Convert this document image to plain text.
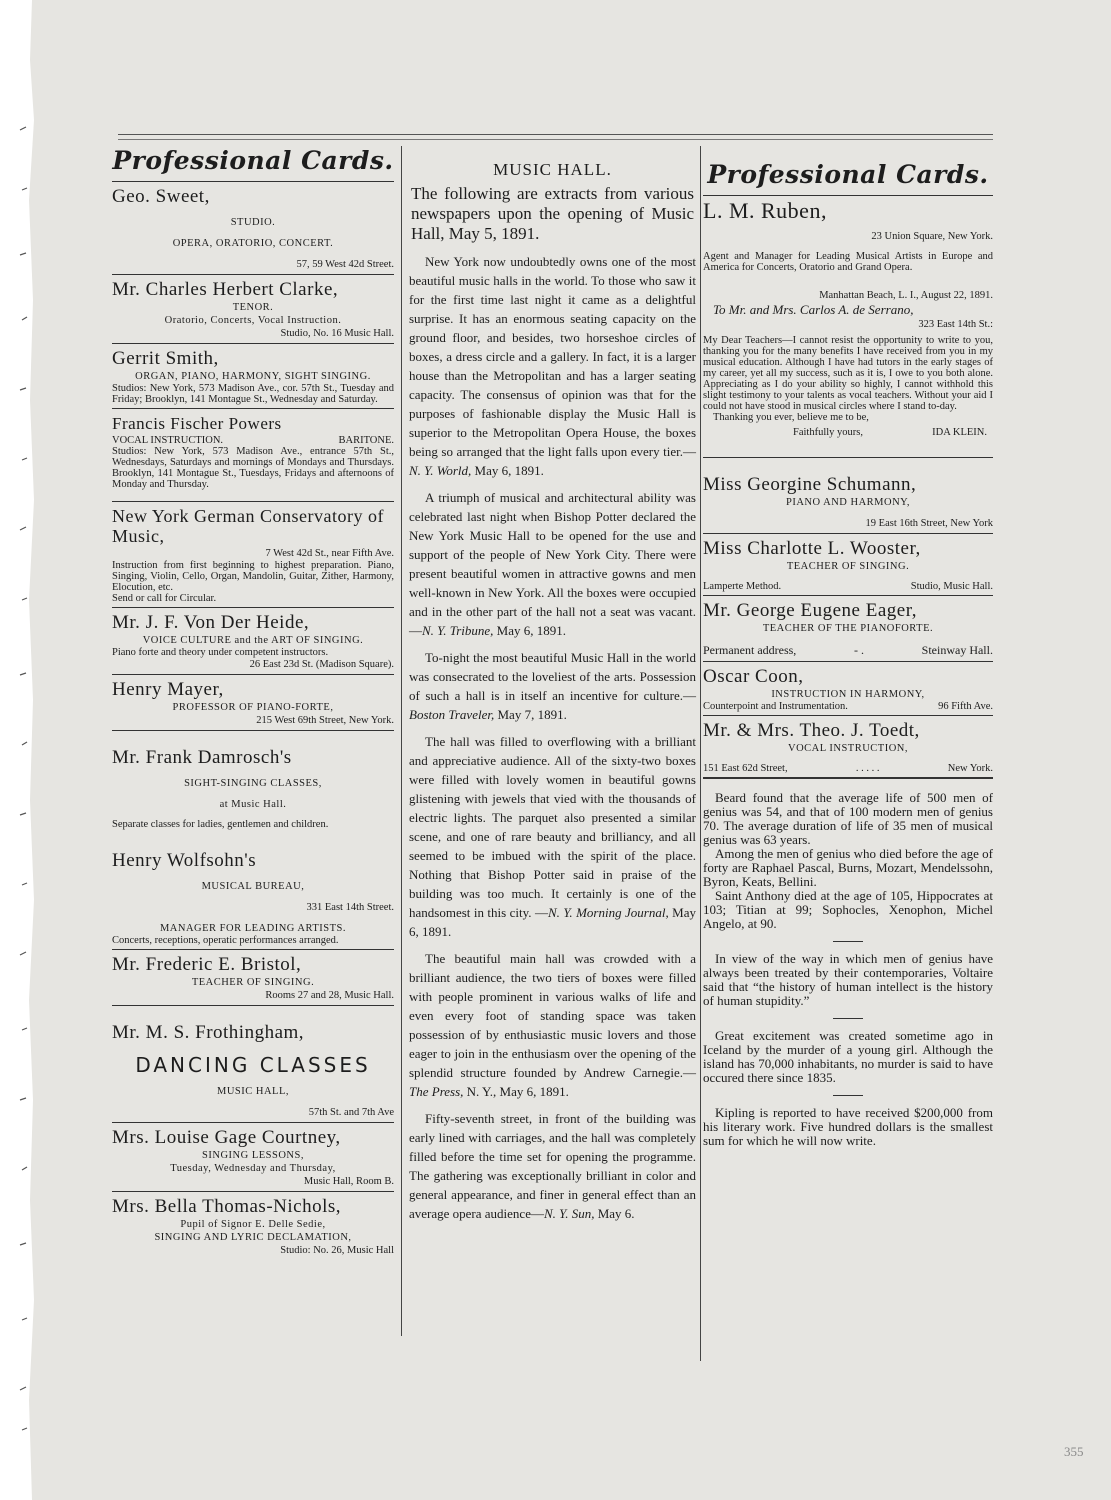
Professional Cards.
Geo. Sweet,
STUDIO.
OPERA, ORATORIO, CONCERT.
57, 59 West 42d Street.
Mr. Charles Herbert Clarke,
TENOR.
Oratorio, Concerts, Vocal Instruction.
Studio, No. 16 Music Hall.
Gerrit Smith,
ORGAN, PIANO, HARMONY, SIGHT SINGING.
Studios: New York, 573 Madison Ave., cor. 57th St., Tuesday and Friday; Brooklyn, 141 Montague St., Wednesday and Saturday.
Francis Fischer Powers
VOCAL INSTRUCTION.	BARITONE.
Studios: New York, 573 Madison Ave., entrance 57th St., Wednesdays, Saturdays and mornings of Mondays and Thursdays. Brooklyn, 141 Montague St., Tuesdays, Fridays and afternoons of Monday and Thursday.
New York German Conservatory of Music,
7 West 42d St., near Fifth Ave.
Instruction from first beginning to highest preparation. Piano, Singing, Violin, Cello, Organ, Mandolin, Guitar, Zither, Harmony, Elocution, etc.
Send or call for Circular.
Mr. J. F. Von Der Heide,
VOICE CULTURE and the ART OF SINGING.
Piano forte and theory under competent instructors.
26 East 23d St. (Madison Square).
Henry Mayer,
PROFESSOR OF PIANO-FORTE,
215 West 69th Street, New York.
Mr. Frank Damrosch's
SIGHT-SINGING CLASSES,
at Music Hall.
Separate classes for ladies, gentlemen and children.
Henry Wolfsohn's
MUSICAL BUREAU,
331 East 14th Street.
MANAGER FOR LEADING ARTISTS.
Concerts, receptions, operatic performances arranged.
Mr. Frederic E. Bristol,
TEACHER OF SINGING.
Rooms 27 and 28, Music Hall.
Mr. M. S. Frothingham,
DANCING CLASSES
MUSIC HALL,
57th St. and 7th Ave
Mrs. Louise Gage Courtney,
SINGING LESSONS,
Tuesday, Wednesday and Thursday,
Music Hall, Room B.
Mrs. Bella Thomas-Nichols,
Pupil of Signor E. Delle Sedie,
SINGING AND LYRIC DECLAMATION,
Studio: No. 26, Music Hall
MUSIC HALL.
The following are extracts from various newspapers upon the opening of Music Hall, May 5, 1891.

New York now undoubtedly owns one of the most beautiful music halls in the world. To those who saw it for the first time last night it came as a delightful surprise. It has an enormous seating capacity on the ground floor, and besides, two horseshoe circles of boxes, a dress circle and a gallery. In fact, it is a larger house than the Metropolitan and has a larger seating capacity. The consensus of opinion was that for the purposes of fashionable display the Music Hall is superior to the Metropolitan Opera House, the boxes being so arranged that the light falls upon every tier.—N. Y. World, May 6, 1891.

A triumph of musical and architectural ability was celebrated last night when Bishop Potter declared the New York Music Hall to be opened for the use and support of the people of New York City. There were present beautiful women in attractive gowns and men well-known in New York. All the boxes were occupied and in the other part of the hall not a seat was vacant.—N. Y. Tribune, May 6, 1891.

To-night the most beautiful Music Hall in the world was consecrated to the loveliest of the arts. Possession of such a hall is in itself an incentive for culture.—Boston Traveler, May 7, 1891.

The hall was filled to overflowing with a brilliant and appreciative audience. All of the sixty-two boxes were filled with lovely women in beautiful gowns glistening with jewels that vied with the thousands of electric lights. The parquet also presented a similar scene, and one of rare beauty and brilliancy, and all seemed to be imbued with the spirit of the place. Nothing that Bishop Potter said in praise of the building was too much. It certainly is one of the handsomest in this city. —N. Y. Morning Journal, May 6, 1891.

The beautiful main hall was crowded with a brilliant audience, the two tiers of boxes were filled with people prominent in various walks of life and even every foot of standing space was taken possession of by enthusiastic music lovers and those eager to join in the enthusiasm over the opening of the splendid structure founded by Andrew Carnegie.— The Press, N. Y., May 6, 1891.

Fifty-seventh street, in front of the building was early lined with carriages, and the hall was completely filled before the time set for opening the programme. The gathering was exceptionally brilliant in color and general appearance, and finer in general effect than an average opera audience—N. Y. Sun, May 6.

Professional Cards.
L. M. Ruben,
23 Union Square, New York.
Agent and Manager for Leading Musical Artists in Europe and America for Concerts, Oratorio and Grand Opera.
Manhattan Beach, L. I., August 22, 1891.
To Mr. and Mrs. Carlos A. de Serrano,
323 East 14th St.:
My Dear Teachers—I cannot resist the opportunity to write to you, thanking you for the many benefits I have received from you in my musical education. Although I have had tutors in the early stages of my career, yet all my success, such as it is, I owe to you both alone. Appreciating as I do your ability so highly, I cannot withhold this slight testimony to your talents as vocal teachers. Without your aid I could not have stood in musical circles where I stand to-day.
Thanking you ever, believe me to be,
Faithfully yours,	IDA KLEIN.
Miss Georgine Schumann,
PIANO AND HARMONY,
19 East 16th Street, New York
Miss Charlotte L. Wooster,
TEACHER OF SINGING.
Lamperte Method.	Studio, Music Hall.
Mr. George Eugene Eager,
TEACHER OF THE PIANOFORTE.
Permanent address,	- .	Steinway Hall.
Oscar Coon,
INSTRUCTION IN HARMONY,
Counterpoint and Instrumentation.	96 Fifth Ave.
Mr. & Mrs. Theo. J. Toedt,
VOCAL INSTRUCTION,
151 East 62d Street,	. . . . .	New York.
Beard found that the average life of 500 men of genius was 54, and that of 100 modern men of genius 70. The average duration of life of 35 men of musical genius was 63 years.
Among the men of genius who died before the age of forty are Raphael Pascal, Burns, Mozart, Mendelssohn, Byron, Keats, Bellini.
Saint Anthony died at the age of 105, Hippocrates at 103; Titian at 99; Sophocles, Xenophon, Michel Angelo, at 90.
In view of the way in which men of genius have always been treated by their contemporaries, Voltaire said that “the history of human intellect is the history of human stupidity.”
Great excitement was created sometime ago in Iceland by the murder of a young girl. Although the island has 70,000 inhabitants, no murder is said to have occured there since 1835.
Kipling is reported to have received $200,000 from his literary work. Five hundred dollars is the smallest sum for which he will now write.
355
